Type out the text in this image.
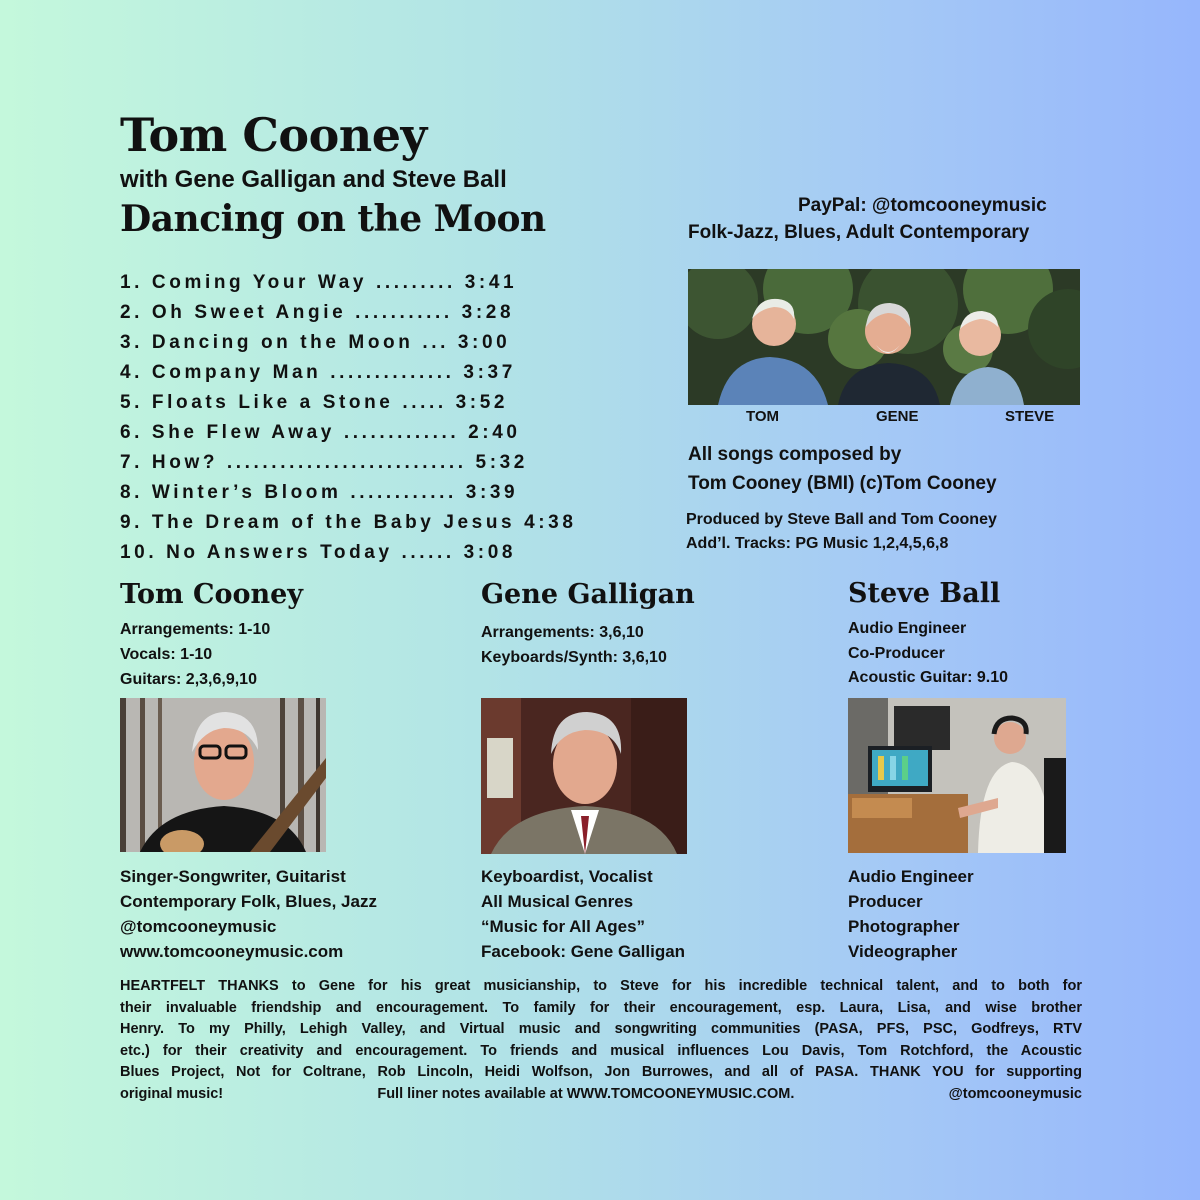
Tom Cooney
with Gene Galligan and Steve Ball
Dancing on the Moon	PayPal: @tomcooneymusic
Folk-Jazz, Blues, Adult Contemporary
1. Coming Your Way ......... 3:41
2. Oh Sweet Angie ........... 3:28
3. Dancing on the Moon ... 3:00
4. Company Man .............. 3:37
5. Floats Like a Stone ..... 3:52
6. She Flew Away ............. 2:40
7. How? ........................... 5:32
8. Winter’s Bloom ............ 3:39
9. The Dream of the Baby Jesus 4:38
10. No Answers Today ...... 3:08
TOM	GENE	STEVE
All songs composed by
Tom Cooney (BMI) (c)Tom Cooney
Produced by Steve Ball and Tom Cooney
Add’l. Tracks: PG Music 1,2,4,5,6,8
Tom Cooney
Arrangements: 1-10
Vocals: 1-10
Guitars: 2,3,6,9,10
Singer-Songwriter, Guitarist
Contemporary Folk, Blues, Jazz
@tomcooneymusic
www.tomcooneymusic.com
Gene Galligan
Arrangements: 3,6,10
Keyboards/Synth: 3,6,10
Keyboardist, Vocalist
All Musical Genres
“Music for All Ages”
Facebook: Gene Galligan
Steve Ball
Audio Engineer
Co-Producer
Acoustic Guitar: 9.10
Audio Engineer
Producer
Photographer
Videographer

HEARTFELT THANKS to Gene for his great musicianship, to Steve for his incredible technical talent, and to both for

their invaluable friendship and encouragement. To family for their encouragement, esp. Laura, Lisa, and wise brother

Henry. To my Philly, Lehigh Valley, and Virtual music and songwriting communities (PASA, PFS, PSC, Godfreys, RTV

etc.) for their creativity and encouragement. To friends and musical influences Lou Davis, Tom Rotchford, the Acoustic

Blues Project, Not for Coltrane, Rob Lincoln, Heidi Wolfson, Jon Burrowes, and all of PASA. THANK YOU for supporting

original music!	Full liner notes available at WWW.TOMCOONEYMUSIC.COM.	@tomcooneymusic
